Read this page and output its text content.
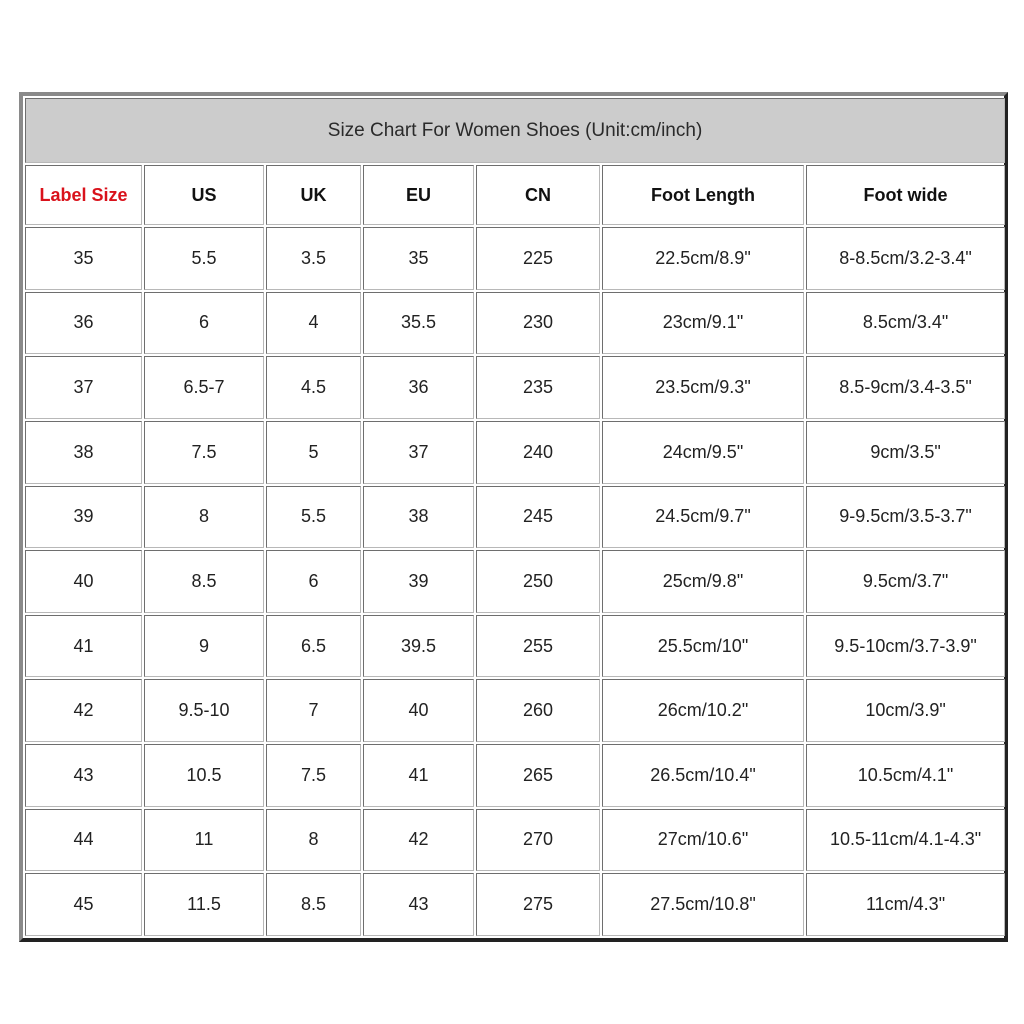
Size Chart For Women Shoes (Unit:cm/inch)						
Label Size	US	UK	EU	CN	Foot Length	Foot wide
35	5.5	3.5	35	225	22.5cm/8.9"	8-8.5cm/3.2-3.4"
36	6	4	35.5	230	23cm/9.1"	8.5cm/3.4"
37	6.5-7	4.5	36	235	23.5cm/9.3"	8.5-9cm/3.4-3.5"
38	7.5	5	37	240	24cm/9.5"	9cm/3.5"
39	8	5.5	38	245	24.5cm/9.7"	9-9.5cm/3.5-3.7"
40	8.5	6	39	250	25cm/9.8"	9.5cm/3.7"
41	9	6.5	39.5	255	25.5cm/10"	9.5-10cm/3.7-3.9"
42	9.5-10	7	40	260	26cm/10.2"	10cm/3.9"
43	10.5	7.5	41	265	26.5cm/10.4"	10.5cm/4.1"
44	11	8	42	270	27cm/10.6"	10.5-11cm/4.1-4.3"
45	11.5	8.5	43	275	27.5cm/10.8"	11cm/4.3"
